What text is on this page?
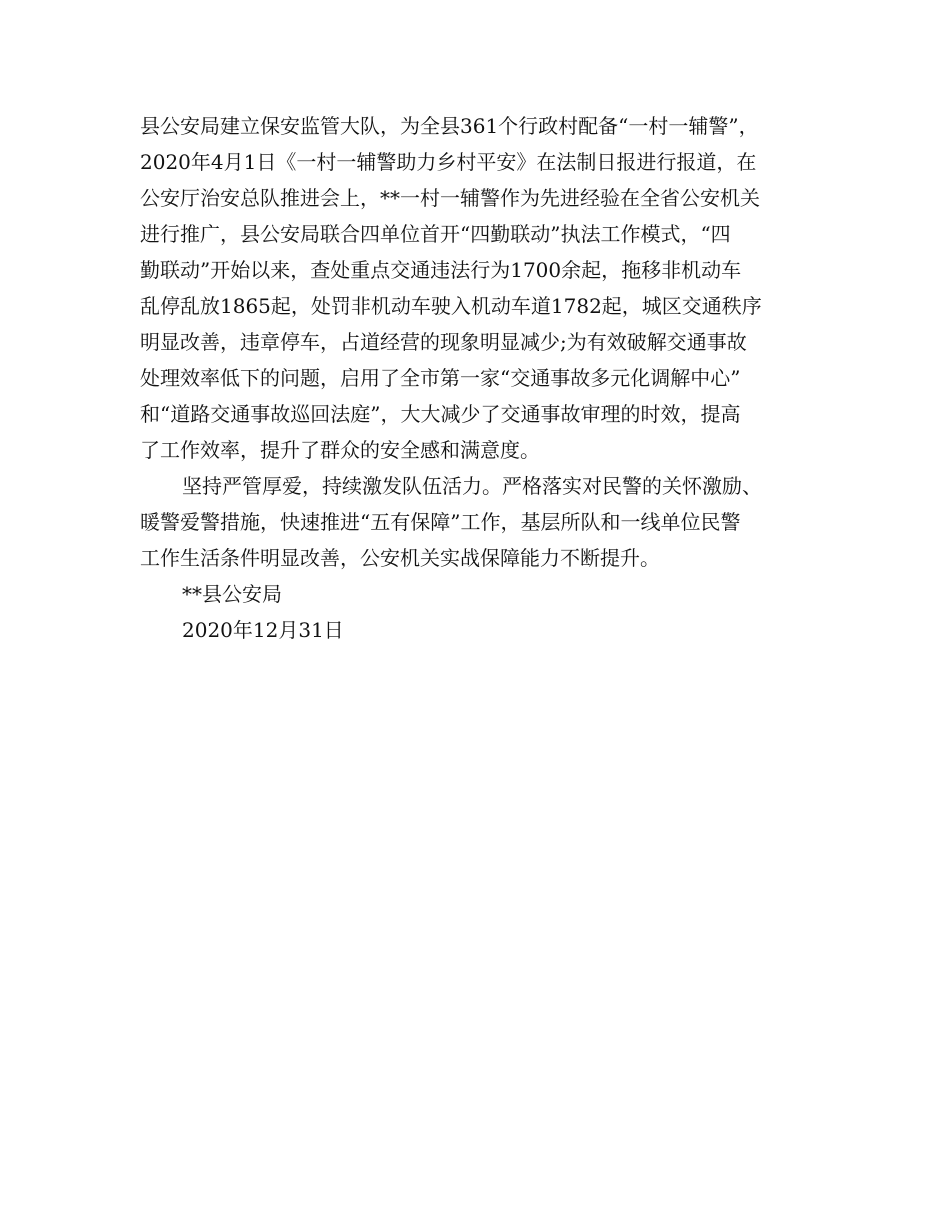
县公安局建立保安监管大队，为全县361个行政村配备“一村一辅警”，
2020年4月1日《一村一辅警助力乡村平安》在法制日报进行报道，在
公安厅治安总队推进会上，**一村一辅警作为先进经验在全省公安机关
进行推广，县公安局联合四单位首开“四勤联动”执法工作模式，“四
勤联动”开始以来，查处重点交通违法行为1700余起，拖移非机动车
乱停乱放1865起，处罚非机动车驶入机动车道1782起，城区交通秩序
明显改善，违章停车，占道经营的现象明显减少;为有效破解交通事故
处理效率低下的问题，启用了全市第一家“交通事故多元化调解中心”
和“道路交通事故巡回法庭”，大大减少了交通事故审理的时效，提高
了工作效率，提升了群众的安全感和满意度。
坚持严管厚爱，持续激发队伍活力。严格落实对民警的关怀激励、
暖警爱警措施，快速推进“五有保障”工作，基层所队和一线单位民警
工作生活条件明显改善，公安机关实战保障能力不断提升。
**县公安局
2020年12月31日
